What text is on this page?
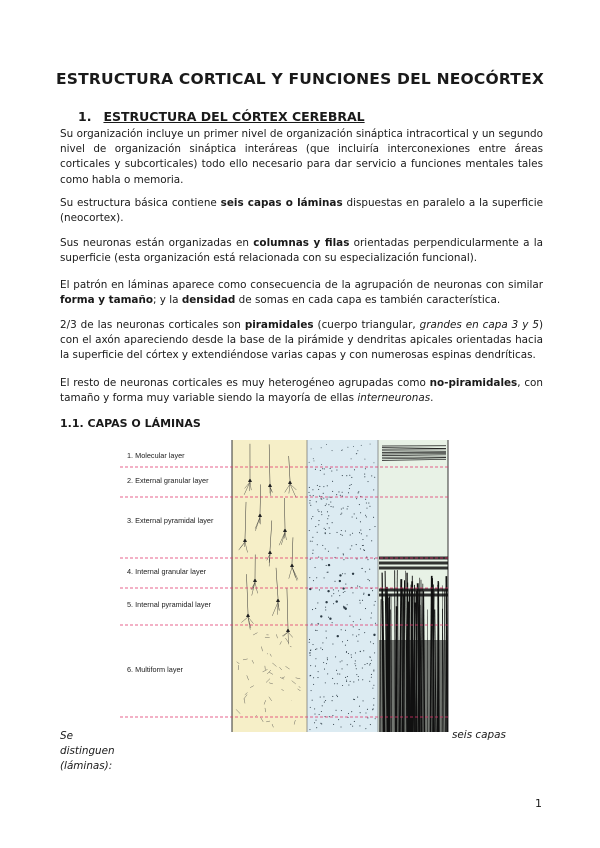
ESTRUCTURA CORTICAL Y FUNCIONES DEL NEOCÓRTEX
1. ESTRUCTURA DEL CÓRTEX CEREBRAL

Su organización incluye un primer nivel de organización sináptica intracortical y un segundo nivel de organización sináptica interáreas (que incluiría interconexiones entre áreas corticales y subcorticales) todo ello necesario para dar servicio a funciones mentales tales como habla o memoria.

Su estructura básica contiene seis capas o láminas dispuestas en paralelo a la superficie (neocortex).

Sus neuronas están organizadas en columnas y filas orientadas perpendicularmente a la superficie (esta organización está relacionada con su especialización funcional).

El patrón en láminas aparece como consecuencia de la agrupación de neuronas con similar forma y tamaño; y la densidad de somas en cada capa es también característica.

2/3 de las neuronas corticales son piramidales (cuerpo triangular, grandes en capa 3 y 5) con el axón apareciendo desde la base de la pirámide y dendritas apicales orientadas hacia la superficie del córtex y extendiéndose varias capas y con numerosas espinas dendríticas.

El resto de neuronas corticales es muy heterogéneo agrupadas como no-piramidales, con tamaño y forma muy variable siendo la mayoría de ellas interneuronas.

1.1. CAPAS O LÁMINAS
1. Molecular layer
2. External granular layer
3. External pyramidal layer
4. Internal granular layer
5. Internal pyramidal layer
6. Multiform layer
Se distinguen (láminas):
seis capas
1
